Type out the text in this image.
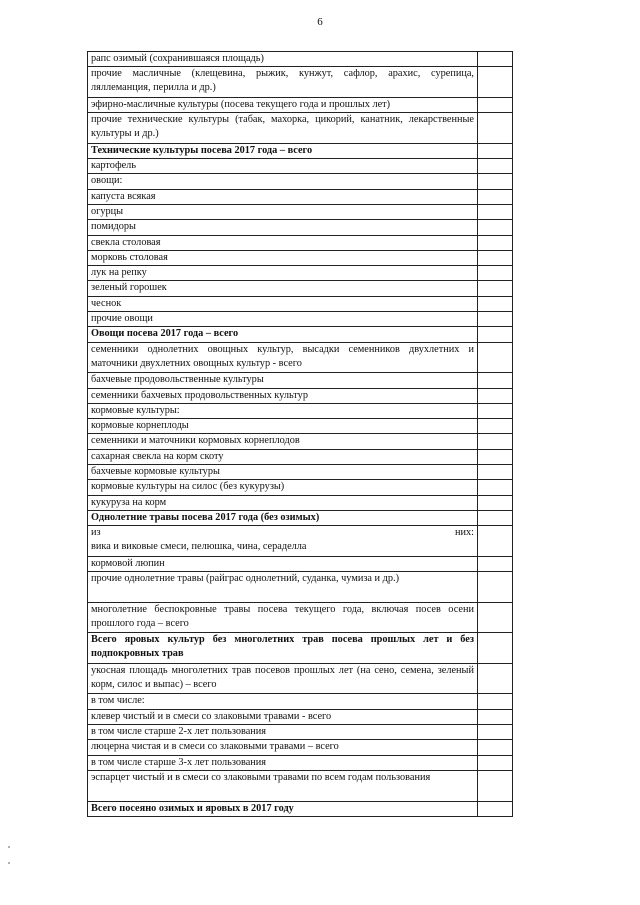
6
рапс озимый (сохранившаяся площадь)	
прочие масличные (клещевина, рыжик, кунжут, сафлор, арахис, сурепица, ляллеманция, перилла и др.)	
эфирно-масличные культуры (посева текущего года и прошлых лет)	
прочие технические культуры (табак, махорка, цикорий, канатник, лекарственные культуры и др.)	
Технические культуры посева 2017 года – всего	
картофель	
овощи:	
капуста всякая	
огурцы	
помидоры	
свекла столовая	
морковь столовая	
лук на репку	
зеленый горошек	
чеснок	
прочие овощи	
Овощи посева 2017 года – всего	
семенники однолетних овощных культур, высадки семенников двухлетних и маточники двухлетних овощных культур - всего	
бахчевые продовольственные культуры	
семенники бахчевых продовольственных культур	
кормовые культуры:	
кормовые корнеплоды	
семенники и маточники кормовых корнеплодов	
сахарная свекла на корм скоту	
бахчевые кормовые культуры	
кормовые культуры на силос (без кукурузы)	
кукуруза на корм	
Однолетние травы посева 2017 года (без озимых)	

из них:
вика и виковые смеси, пелюшка, чина, сераделла	

кормовой люпин	
прочие однолетние травы (райграс однолетний, суданка, чумиза и др.)	
многолетние беспокровные травы посева текущего года, включая посев осени прошлого года – всего	
Всего яровых культур без многолетних трав посева прошлых лет и без подпокровных трав	
укосная площадь многолетних трав посевов прошлых лет (на сено, семена, зеленый корм, силос и выпас) – всего	
в том числе:	
клевер чистый и в смеси со злаковыми травами - всего	
в том числе старше 2-х лет пользования	
люцерна чистая и в смеси со злаковыми травами – всего	
в том числе старше 3-х лет пользования	
эспарцет чистый и в смеси со злаковыми травами по всем годам пользования	
Всего посеяно озимых и яровых в 2017 году	
